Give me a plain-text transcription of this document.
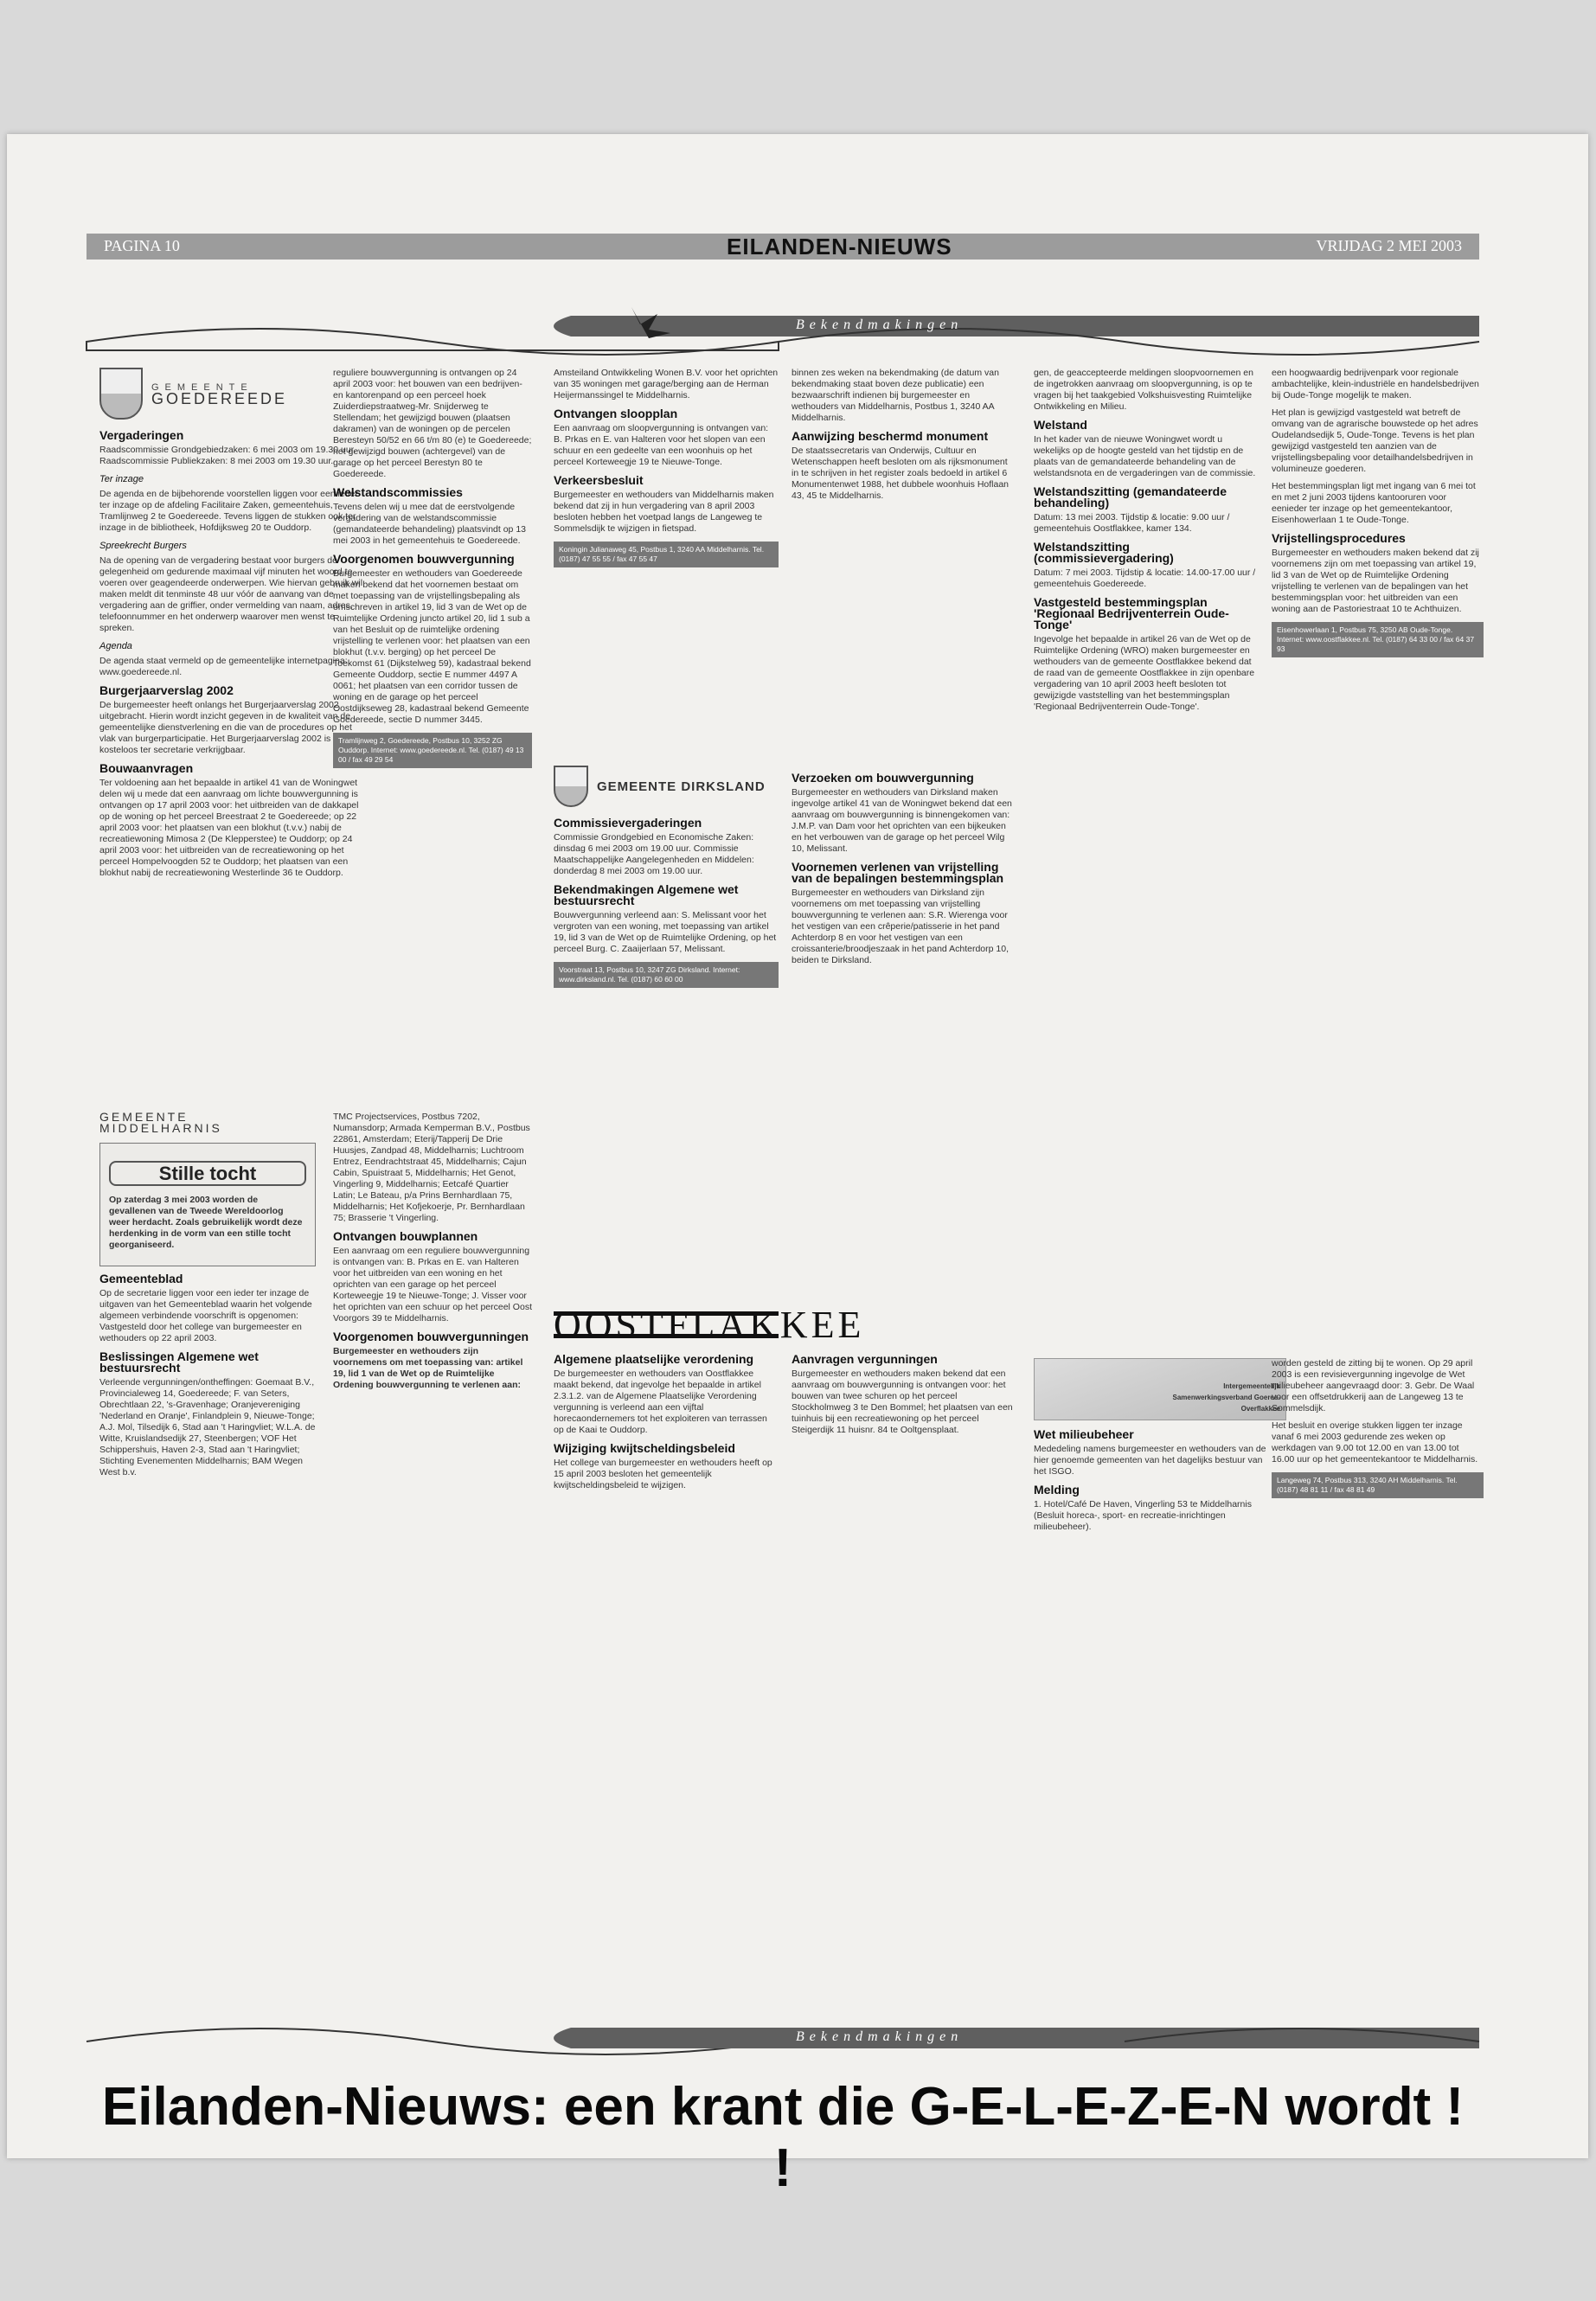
PAGINA 10	EILANDEN-NIEUWS	VRIJDAG 2 MEI 2003
Bekendmakingen
GEMEENTE
GOEDEREEDE
Vergaderingen

Raadscommissie Grondgebiedzaken: 6 mei 2003 om 19.30 uur. Raadscommissie Publiekzaken: 8 mei 2003 om 19.30 uur.

Ter inzage

De agenda en de bijbehorende voorstellen liggen voor een ieder ter inzage op de afdeling Facilitaire Zaken, gemeentehuis, Tramlijnweg 2 te Goedereede. Tevens liggen de stukken ook ter inzage in de bibliotheek, Hofdijksweg 20 te Ouddorp.

Spreekrecht Burgers

Na de opening van de vergadering bestaat voor burgers de gelegenheid om gedurende maximaal vijf minuten het woord te voeren over geagendeerde onderwerpen. Wie hiervan gebruik wil maken meldt dit tenminste 48 uur vóór de aanvang van de vergadering aan de griffier, onder vermelding van naam, adres, telefoonnummer en het onderwerp waarover men wenst te spreken.

Agenda

De agenda staat vermeld op de gemeentelijke internetpagina: www.goedereede.nl.

Burgerjaarverslag 2002

De burgemeester heeft onlangs het Burgerjaarverslag 2002 uitgebracht. Hierin wordt inzicht gegeven in de kwaliteit van de gemeentelijke dienstverlening en die van de procedures op het vlak van burgerparticipatie. Het Burgerjaarverslag 2002 is kosteloos ter secretarie verkrijgbaar.

Bouwaanvragen

Ter voldoening aan het bepaalde in artikel 41 van de Woningwet delen wij u mede dat een aanvraag om lichte bouwvergunning is ontvangen op 17 april 2003 voor: het uitbreiden van de dakkapel op de woning op het perceel Breestraat 2 te Goedereede; op 22 april 2003 voor: het plaatsen van een blokhut (t.v.v.) nabij de recreatiewoning Mimosa 2 (De Klepperstee) te Ouddorp; op 24 april 2003 voor: het uitbreiden van de recreatiewoning op het perceel Hompelvoogden 52 te Ouddorp; het plaatsen van een blokhut nabij de recreatiewoning Westerlinde 36 te Ouddorp.

reguliere bouwvergunning is ontvangen op 24 april 2003 voor: het bouwen van een bedrijven- en kantorenpand op een perceel hoek Zuiderdiepstraatweg-Mr. Snijderweg te Stellendam; het gewijzigd bouwen (plaatsen dakramen) van de woningen op de percelen Beresteyn 50/52 en 66 t/m 80 (e) te Goedereede; het gewijzigd bouwen (achtergevel) van de garage op het perceel Berestyn 80 te Goedereede.

Welstandscommissies

Tevens delen wij u mee dat de eerstvolgende vergadering van de welstandscommissie (gemandateerde behandeling) plaatsvindt op 13 mei 2003 in het gemeentehuis te Goedereede.

Voorgenomen bouwvergunning

Burgemeester en wethouders van Goedereede maken bekend dat het voornemen bestaat om met toepassing van de vrijstellingsbepaling als omschreven in artikel 19, lid 3 van de Wet op de Ruimtelijke Ordening juncto artikel 20, lid 1 sub a van het Besluit op de ruimtelijke ordening vrijstelling te verlenen voor: het plaatsen van een blokhut (t.v.v. berging) op het perceel De Toekomst 61 (Dijkstelweg 59), kadastraal bekend Gemeente Ouddorp, sectie E nummer 4497 A 0061; het plaatsen van een corridor tussen de woning en de garage op het perceel Oostdijkseweg 28, kadastraal bekend Gemeente Goedereede, sectie D nummer 3445.

Tramlijnweg 2, Goedereede, Postbus 10, 3252 ZG Ouddorp. Internet: www.goedereede.nl. Tel. (0187) 49 13 00 / fax 49 29 54
GEMEENTE MIDDELHARNIS
Stille tocht

Op zaterdag 3 mei 2003 worden de gevallenen van de Tweede Wereldoorlog weer herdacht. Zoals gebruikelijk wordt deze herdenking in de vorm van een stille tocht georganiseerd.

Gemeenteblad

Op de secretarie liggen voor een ieder ter inzage de uitgaven van het Gemeenteblad waarin het volgende algemeen verbindende voorschrift is opgenomen: Vastgesteld door het college van burgemeester en wethouders op 22 april 2003.

Beslissingen Algemene wet bestuursrecht

Verleende vergunningen/ontheffingen: Goemaat B.V., Provincialeweg 14, Goedereede; F. van Seters, Obrechtlaan 22, 's-Gravenhage; Oranjevereniging 'Nederland en Oranje', Finlandplein 9, Nieuwe-Tonge; A.J. Mol, Tilsedijk 6, Stad aan 't Haringvliet; W.L.A. de Witte, Kruislandsedijk 27, Steenbergen; VOF Het Schippershuis, Haven 2-3, Stad aan 't Haringvliet; Stichting Evenementen Middelharnis; BAM Wegen West b.v.

TMC Projectservices, Postbus 7202, Numansdorp; Armada Kemperman B.V., Postbus 22861, Amsterdam; Eterij/Tapperij De Drie Huusjes, Zandpad 48, Middelharnis; Luchtroom Entrez, Eendrachtstraat 45, Middelharnis; Cajun Cabin, Spuistraat 5, Middelharnis; Het Genot, Vingerling 9, Middelharnis; Eetcafé Quartier Latin; Le Bateau, p/a Prins Bernhardlaan 75, Middelharnis; Het Kofjekoerje, Pr. Bernhardlaan 75; Brasserie 't Vingerling.

Ontvangen bouwplannen

Een aanvraag om een reguliere bouwvergunning is ontvangen van: B. Prkas en E. van Halteren voor het uitbreiden van een woning en het oprichten van een garage op het perceel Korteweegje 19 te Nieuwe-Tonge; J. Visser voor het oprichten van een schuur op het perceel Oost Voorgors 39 te Middelharnis.

Voorgenomen bouwvergunningen

Burgemeester en wethouders zijn voornemens om met toepassing van: artikel 19, lid 1 van de Wet op de Ruimtelijke Ordening bouwvergunning te verlenen aan:

Amsteiland Ontwikkeling Wonen B.V. voor het oprichten van 35 woningen met garage/berging aan de Herman Heijermanssingel te Middelharnis.

Ontvangen sloopplan

Een aanvraag om sloopvergunning is ontvangen van: B. Prkas en E. van Halteren voor het slopen van een schuur en een gedeelte van een woonhuis op het perceel Korteweegje 19 te Nieuwe-Tonge.

Verkeersbesluit

Burgemeester en wethouders van Middelharnis maken bekend dat zij in hun vergadering van 8 april 2003 besloten hebben het voetpad langs de Langeweg te Sommelsdijk te wijzigen in fietspad.

Koningin Julianaweg 45, Postbus 1, 3240 AA Middelharnis. Tel. (0187) 47 55 55 / fax 47 55 47
GEMEENTE DIRKSLAND
Commissievergaderingen

Commissie Grondgebied en Economische Zaken: dinsdag 6 mei 2003 om 19.00 uur. Commissie Maatschappelijke Aangelegenheden en Middelen: donderdag 8 mei 2003 om 19.00 uur.

Bekendmakingen Algemene wet bestuursrecht

Bouwvergunning verleend aan: S. Melissant voor het vergroten van een woning, met toepassing van artikel 19, lid 3 van de Wet op de Ruimtelijke Ordening, op het perceel Burg. C. Zaaijerlaan 57, Melissant.

Voorstraat 13, Postbus 10, 3247 ZG Dirksland. Internet: www.dirksland.nl. Tel. (0187) 60 60 00

binnen zes weken na bekendmaking (de datum van bekendmaking staat boven deze publicatie) een bezwaarschrift indienen bij burgemeester en wethouders van Middelharnis, Postbus 1, 3240 AA Middelharnis.

Aanwijzing beschermd monument

De staatssecretaris van Onderwijs, Cultuur en Wetenschappen heeft besloten om als rijksmonument in te schrijven in het register zoals bedoeld in artikel 6 Monumentenwet 1988, het dubbele woonhuis Hoflaan 43, 45 te Middelharnis.

Verzoeken om bouwvergunning

Burgemeester en wethouders van Dirksland maken ingevolge artikel 41 van de Woningwet bekend dat een aanvraag om bouwvergunning is binnengekomen van: J.M.P. van Dam voor het oprichten van een bijkeuken en het verbouwen van de garage op het perceel Wilg 10, Melissant.

Voornemen verlenen van vrijstelling van de bepalingen bestemmingsplan

Burgemeester en wethouders van Dirksland zijn voornemens om met toepassing van vrijstelling bouwvergunning te verlenen aan: S.R. Wierenga voor het vestigen van een crêperie/patisserie in het pand Achterdorp 8 en voor het vestigen van een croissanterie/broodjeszaak in het pand Achterdorp 10, beiden te Dirksland.

OOSTFLAKKEE
Algemene plaatselijke verordening

De burgemeester en wethouders van Oostflakkee maakt bekend, dat ingevolge het bepaalde in artikel 2.3.1.2. van de Algemene Plaatselijke Verordening vergunning is verleend aan een vijftal horecaondernemers tot het exploiteren van terrassen op de Kaai te Ouddorp.

Wijziging kwijtscheldingsbeleid

Het college van burgemeester en wethouders heeft op 15 april 2003 besloten het gemeentelijk kwijtscheldingsbeleid te wijzigen.

Aanvragen vergunningen

Burgemeester en wethouders maken bekend dat een aanvraag om bouwvergunning is ontvangen voor: het bouwen van twee schuren op het perceel Stockholmweg 3 te Den Bommel; het plaatsen van een tuinhuis bij een recreatiewoning op het perceel Steigerdijk 11 huisnr. 84 te Ooltgensplaat.

gen, de geaccepteerde meldingen sloopvoornemen en de ingetrokken aanvraag om sloopvergunning, is op te vragen bij het taakgebied Volkshuisvesting Ruimtelijke Ontwikkeling en Milieu.

Welstand

In het kader van de nieuwe Woningwet wordt u wekelijks op de hoogte gesteld van het tijdstip en de plaats van de gemandateerde behandeling van de welstandsnota en de vergaderingen van de commissie.

Welstandszitting (gemandateerde behandeling)

Datum: 13 mei 2003. Tijdstip & locatie: 9.00 uur / gemeentehuis Oostflakkee, kamer 134.

Welstandszitting (commissievergadering)

Datum: 7 mei 2003. Tijdstip & locatie: 14.00-17.00 uur / gemeentehuis Goedereede.

Vastgesteld bestemmingsplan 'Regionaal Bedrijventerrein Oude-Tonge'

Ingevolge het bepaalde in artikel 26 van de Wet op de Ruimtelijke Ordening (WRO) maken burgemeester en wethouders van de gemeente Oostflakkee bekend dat de raad van de gemeente Oostflakkee in zijn openbare vergadering van 10 april 2003 heeft besloten tot gewijzigde vaststelling van het bestemmingsplan 'Regionaal Bedrijventerrein Oude-Tonge'.

Intergemeentelijk Samenwerkingsverband Goeree-Overflakkee
Wet milieubeheer

Mededeling namens burgemeester en wethouders van de hier genoemde gemeenten van het dagelijks bestuur van het ISGO.

Melding

1. Hotel/Café De Haven, Vingerling 53 te Middelharnis (Besluit horeca-, sport- en recreatie-inrichtingen milieubeheer).

een hoogwaardig bedrijvenpark voor regionale ambachtelijke, klein-industriële en handelsbedrijven bij Oude-Tonge mogelijk te maken.

Het plan is gewijzigd vastgesteld wat betreft de omvang van de agrarische bouwstede op het adres Oudelandsedijk 5, Oude-Tonge. Tevens is het plan gewijzigd vastgesteld ten aanzien van de vrijstellingsbepaling voor detailhandelsbedrijven in volumineuze goederen.

Het bestemmingsplan ligt met ingang van 6 mei tot en met 2 juni 2003 tijdens kantooruren voor eenieder ter inzage op het gemeentekantoor, Eisenhowerlaan 1 te Oude-Tonge.

Vrijstellingsprocedures

Burgemeester en wethouders maken bekend dat zij voornemens zijn om met toepassing van artikel 19, lid 3 van de Wet op de Ruimtelijke Ordening vrijstelling te verlenen van de bepalingen van het bestemmingsplan voor: het uitbreiden van een woning aan de Pastoriestraat 10 te Achthuizen.

Eisenhowerlaan 1, Postbus 75, 3250 AB Oude-Tonge. Internet: www.oostflakkee.nl. Tel. (0187) 64 33 00 / fax 64 37 93

worden gesteld de zitting bij te wonen. Op 29 april 2003 is een revisievergunning ingevolge de Wet milieubeheer aangevraagd door: 3. Gebr. De Waal voor een offsetdrukkerij aan de Langeweg 13 te Sommelsdijk.

Het besluit en overige stukken liggen ter inzage vanaf 6 mei 2003 gedurende zes weken op werkdagen van 9.00 tot 12.00 en van 13.00 tot 16.00 uur op het gemeentekantoor te Middelharnis.

Langeweg 74, Postbus 313, 3240 AH Middelharnis. Tel. (0187) 48 81 11 / fax 48 81 49
Bekendmakingen
Eilanden-Nieuws: een krant die G-E-L-E-Z-E-N wordt ! !
